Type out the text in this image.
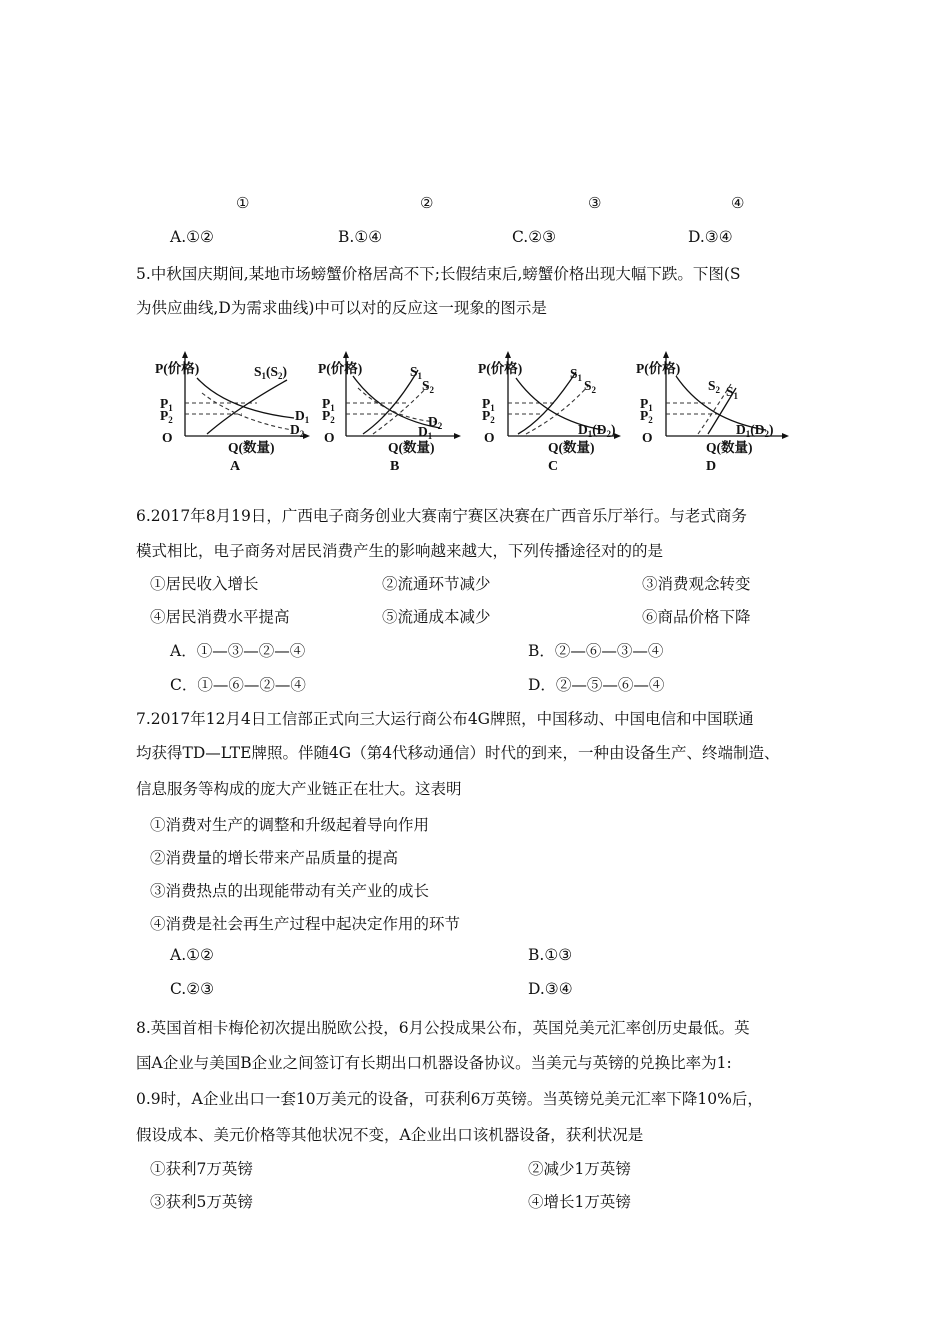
①	②	③	④
A.①②	B.①④	C.②③	D.③④
5.中秋国庆期间,某地市场螃蟹价格居高不下;长假结束后,螃蟹价格出现大幅下跌。下图(S
为供应曲线,D为需求曲线)中可以对的反应这一现象的图示是
P(价格)
$P_1$
$P_2$
O
Q(数量)
$S_1(S_2)$
$D_1$
$D_2$
A
P(价格)
$P_1$
$P_2$
O
Q(数量)
$S_1$
$S_2$
$D_2$
$D_1$
B
P(价格)
$P_1$
$P_2$
O
Q(数量)
$S_1$ $S_2$
$D_1(D_2)$
C
P(价格)
$P_1$
$P_2$
O
Q(数量)
$S_2$ $S_1$
$D_1(D_2)$
D
6.2017年8月19日，广西电子商务创业大赛南宁赛区决赛在广西音乐厅举行。与老式商务
模式相比，电子商务对居民消费产生的影响越来越大，下列传播途径对的的是
①居民收入增长	②流通环节减少	③消费观念转变
④居民消费水平提高	⑤流通成本减少	⑥商品价格下降
A．①—③—②—④	B．②—⑥—③—④
C．①—⑥—②—④	D．②—⑤—⑥—④
7.2017年12月4日工信部正式向三大运行商公布4G牌照，中国移动、中国电信和中国联通
均获得TD—LTE牌照。伴随4G（第4代移动通信）时代的到来，一种由设备生产、终端制造、
信息服务等构成的庞大产业链正在壮大。这表明
①消费对生产的调整和升级起着导向作用
②消费量的增长带来产品质量的提高
③消费热点的出现能带动有关产业的成长
④消费是社会再生产过程中起决定作用的环节
A.①②	B.①③
C.②③	D.③④
8.英国首相卡梅伦初次提出脱欧公投，6月公投成果公布，英国兑美元汇率创历史最低。英
国A企业与美国B企业之间签订有长期出口机器设备协议。当美元与英镑的兑换比率为1:
0.9时，A企业出口一套10万美元的设备，可获利6万英镑。当英镑兑美元汇率下降10%后，
假设成本、美元价格等其他状况不变，A企业出口该机器设备，获利状况是
①获利7万英镑	②减少1万英镑
③获利5万英镑	④增长1万英镑
